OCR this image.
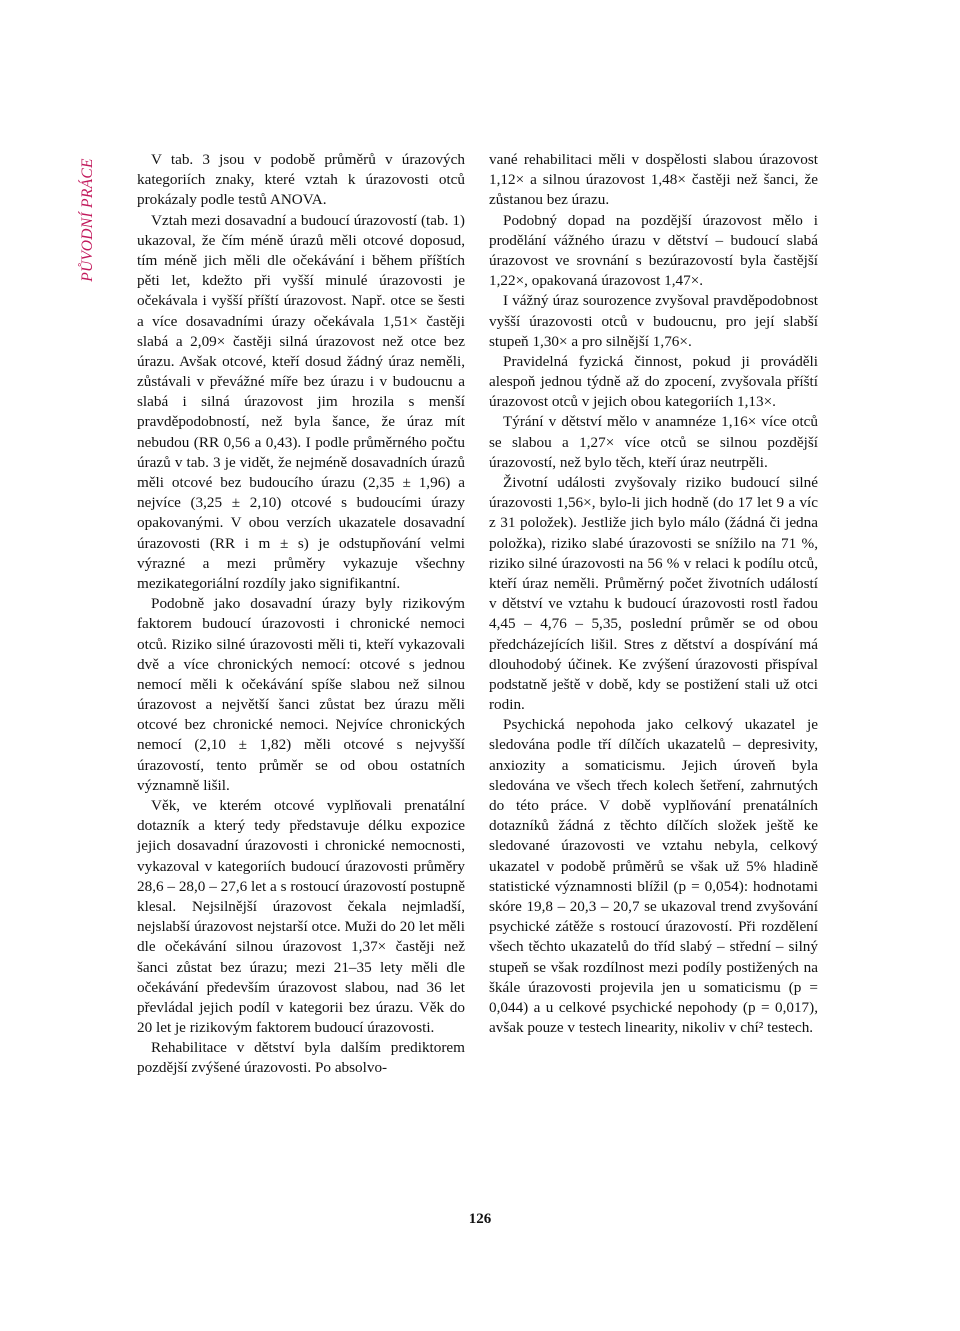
PŮVODNÍ PRÁCE	V tab. 3 jsou v podobě průměrů v úrazových kategoriích znaky, které vztah k úrazovosti otců prokázaly podle testů ANOVA.

Vztah mezi dosavadní a budoucí úrazovostí (tab. 1) ukazoval, že čím méně úrazů měli otcové doposud, tím méně jich měli dle očekávání i během příštích pěti let, kdežto při vyšší minulé úrazovosti je očekávala i vyšší příští úrazovost. Např. otce se šesti a více dosavadními úrazy očekávala 1,51× častěji slabá a 2,09× častěji silná úrazovost než otce bez úrazu. Avšak otcové, kteří dosud žádný úraz neměli, zůstávali v převážné míře bez úrazu i v budoucnu a slabá i silná úrazovost jim hrozila s menší pravděpodobností, než byla šance, že úraz mít nebudou (RR 0,56 a 0,43). I podle průměrného počtu úrazů v tab. 3 je vidět, že nejméně dosavadních úrazů měli otcové bez budoucího úrazu (2,35 ± 1,96) a nejvíce (3,25 ± 2,10) otcové s budoucími úrazy opakovanými. V obou verzích ukazatele dosavadní úrazovosti (RR i m ± s) je odstupňování velmi výrazné a mezi průměry vykazuje všechny mezikategoriální rozdíly jako signifikantní.

Podobně jako dosavadní úrazy byly rizikovým faktorem budoucí úrazovosti i chronické nemoci otců. Riziko silné úrazovosti měli ti, kteří vykazovali dvě a více chronických nemocí: otcové s jednou nemocí měli k očekávání spíše slabou než silnou úrazovost a největší šanci zůstat bez úrazu měli otcové bez chronické nemoci. Nejvíce chronických nemocí (2,10 ± 1,82) měli otcové s nejvyšší úrazovostí, tento průměr se od obou ostatních významně lišil.

Věk, ve kterém otcové vyplňovali prenatální dotazník a který tedy představuje délku expozice jejich dosavadní úrazovosti i chronické nemocnosti, vykazoval v kategoriích budoucí úrazovosti průměry 28,6 – 28,0 – 27,6 let a s rostoucí úrazovostí postupně klesal. Nejsilnější úrazovost čekala nejmladší, nejslabší úrazovost nejstarší otce. Muži do 20 let měli dle očekávání silnou úrazovost 1,37× častěji než šanci zůstat bez úrazu; mezi 21–35 lety měli dle očekávání především úrazovost slabou, nad 36 let převládal jejich podíl v kategorii bez úrazu. Věk do 20 let je rizikovým faktorem budoucí úrazovosti.

Rehabilitace v dětství byla dalším prediktorem pozdější zvýšené úrazovosti. Po absolvo-

vané rehabilitaci měli v dospělosti slabou úrazovost 1,12× a silnou úrazovost 1,48× častěji než šanci, že zůstanou bez úrazu.

Podobný dopad na pozdější úrazovost mělo i prodělání vážného úrazu v dětství – budoucí slabá úrazovost ve srovnání s bezúrazovostí byla častější 1,22×, opakovaná úrazovost 1,47×.

I vážný úraz sourozence zvyšoval pravděpodobnost vyšší úrazovosti otců v budoucnu, pro její slabší stupeň 1,30× a pro silnější 1,76×.

Pravidelná fyzická činnost, pokud ji prováděli alespoň jednou týdně až do zpocení, zvyšovala příští úrazovost otců v jejich obou kategoriích 1,13×.

Týrání v dětství mělo v anamnéze 1,16× více otců se slabou a 1,27× více otců se silnou pozdější úrazovostí, než bylo těch, kteří úraz neutrpěli.

Životní události zvyšovaly riziko budoucí silné úrazovosti 1,56×, bylo-li jich hodně (do 17 let 9 a víc z 31 položek). Jestliže jich bylo málo (žádná či jedna položka), riziko slabé úrazovosti se snížilo na 71 %, riziko silné úrazovosti na 56 % v relaci k podílu otců, kteří úraz neměli. Průměrný počet životních událostí v dětství ve vztahu k budoucí úrazovosti rostl řadou 4,45 – 4,76 – 5,35, poslední průměr se od obou předcházejících lišil. Stres z dětství a dospívání má dlouhodobý účinek. Ke zvýšení úrazovosti přispíval podstatně ještě v době, kdy se postižení stali už otci rodin.

Psychická nepohoda jako celkový ukazatel je sledována podle tří dílčích ukazatelů – depresivity, anxiozity a somaticismu. Jejich úroveň byla sledována ve všech třech kolech šetření, zahrnutých do této práce. V době vyplňování prenatálních dotazníků žádná z těchto dílčích složek ještě ke sledované úrazovosti ve vztahu nebyla, celkový ukazatel v podobě průměrů se však už 5% hladině statistické významnosti blížil (p = 0,054): hodnotami skóre 19,8 – 20,3 – 20,7 se ukazoval trend zvyšování psychické zátěže s rostoucí úrazovostí. Při rozdělení všech těchto ukazatelů do tříd slabý – střední – silný stupeň se však rozdílnost mezi podíly postižených na škále úrazovosti projevila jen u somaticismu (p = 0,044) a u celkové psychické nepohody (p = 0,017), avšak pouze v testech linearity, nikoliv v chí² testech.

126
